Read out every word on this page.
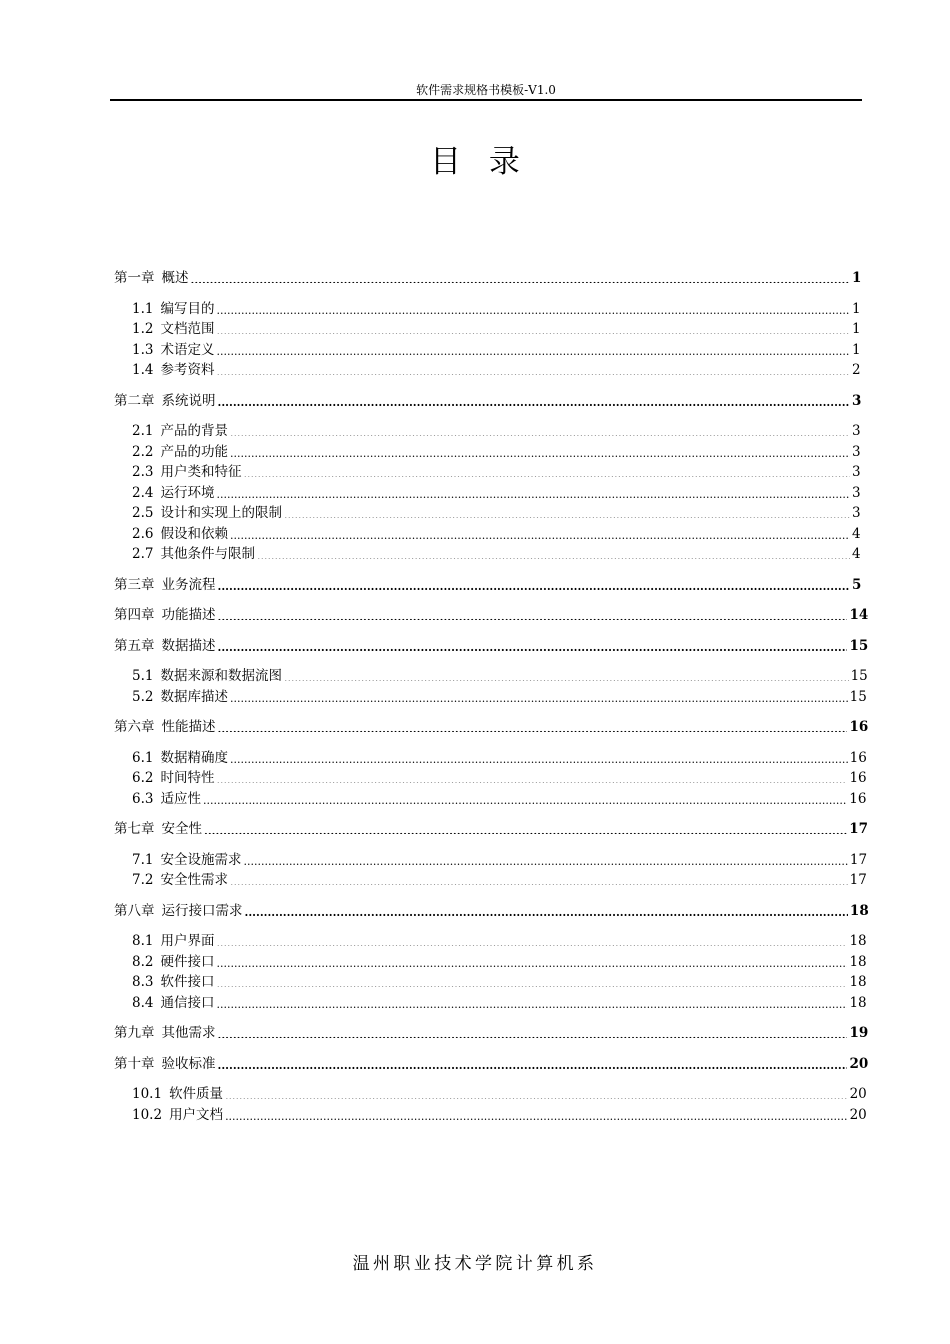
软件需求规格书模板-V1.0
目录
第一章 概述 .....	1
1.1 编写目的 .....	1
1.2 文档范围 .....	1
1.3 术语定义 .....	1
1.4 参考资料 .....	2
第二章 系统说明 .....	3
2.1 产品的背景 .....	3
2.2 产品的功能 .....	3
2.3 用户类和特征 .....	3
2.4 运行环境 .....	3
2.5 设计和实现上的限制 .....	3
2.6 假设和依赖 .....	4
2.7 其他条件与限制 .....	4
第三章 业务流程 .....	5
第四章 功能描述 .....	14
第五章 数据描述 .....	15
5.1 数据来源和数据流图 .....	15
5.2 数据库描述 .....	15
第六章 性能描述 .....	16
6.1 数据精确度 .....	16
6.2 时间特性 .....	16
6.3 适应性 .....	16
第七章 安全性 .....	17
7.1 安全设施需求 .....	17
7.2 安全性需求 .....	17
第八章 运行接口需求 .....	18
8.1 用户界面 .....	18
8.2 硬件接口 .....	18
8.3 软件接口 .....	18
8.4 通信接口 .....	18
第九章 其他需求 .....	19
第十章 验收标准 .....	20
10.1 软件质量 .....	20
10.2 用户文档 .....	20
温州职业技术学院计算机系
